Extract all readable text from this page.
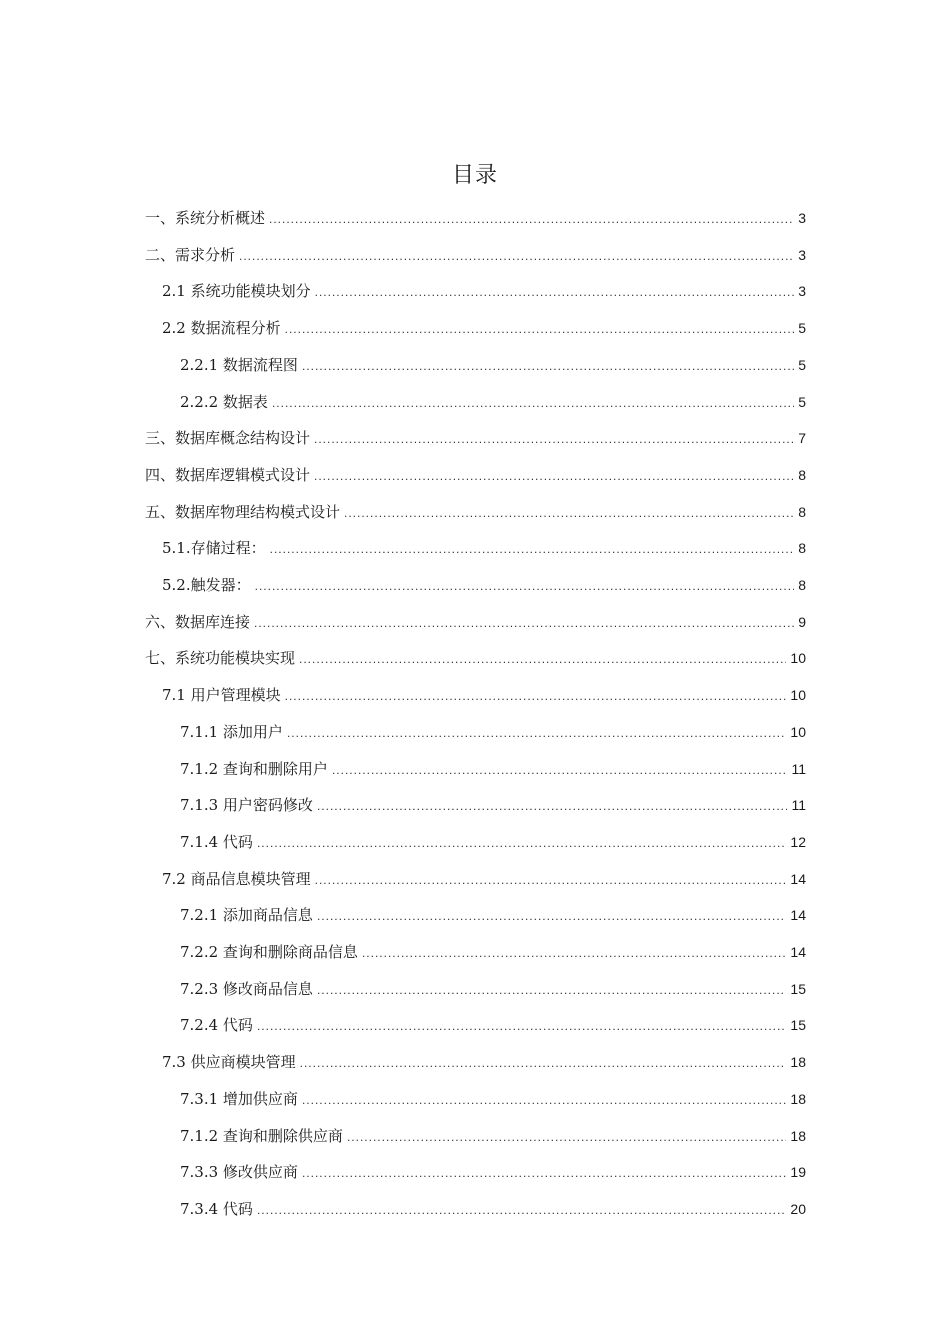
目录
一、系统分析概述 .....	3
二、需求分析 .....	3
2.1 系统功能模块划分 .....	3
2.2 数据流程分析 .....	5
2.2.1 数据流程图 .....	5
2.2.2 数据表 .....	5
三、数据库概念结构设计 .....	7
四、数据库逻辑模式设计 .....	8
五、数据库物理结构模式设计 .....	8
5.1.存储过程： .....	8
5.2.触发器： .....	8
六、数据库连接 .....	9
七、系统功能模块实现 .....	10
7.1 用户管理模块 .....	10
7.1.1 添加用户 .....	10
7.1.2 查询和删除用户 .....	11
7.1.3 用户密码修改 .....	11
7.1.4 代码 .....	12
7.2 商品信息模块管理 .....	14
7.2.1 添加商品信息 .....	14
7.2.2 查询和删除商品信息 .....	14
7.2.3 修改商品信息 .....	15
7.2.4 代码 .....	15
7.3 供应商模块管理 .....	18
7.3.1 增加供应商 .....	18
7.1.2 查询和删除供应商 .....	18
7.3.3 修改供应商 .....	19
7.3.4 代码 .....	20
